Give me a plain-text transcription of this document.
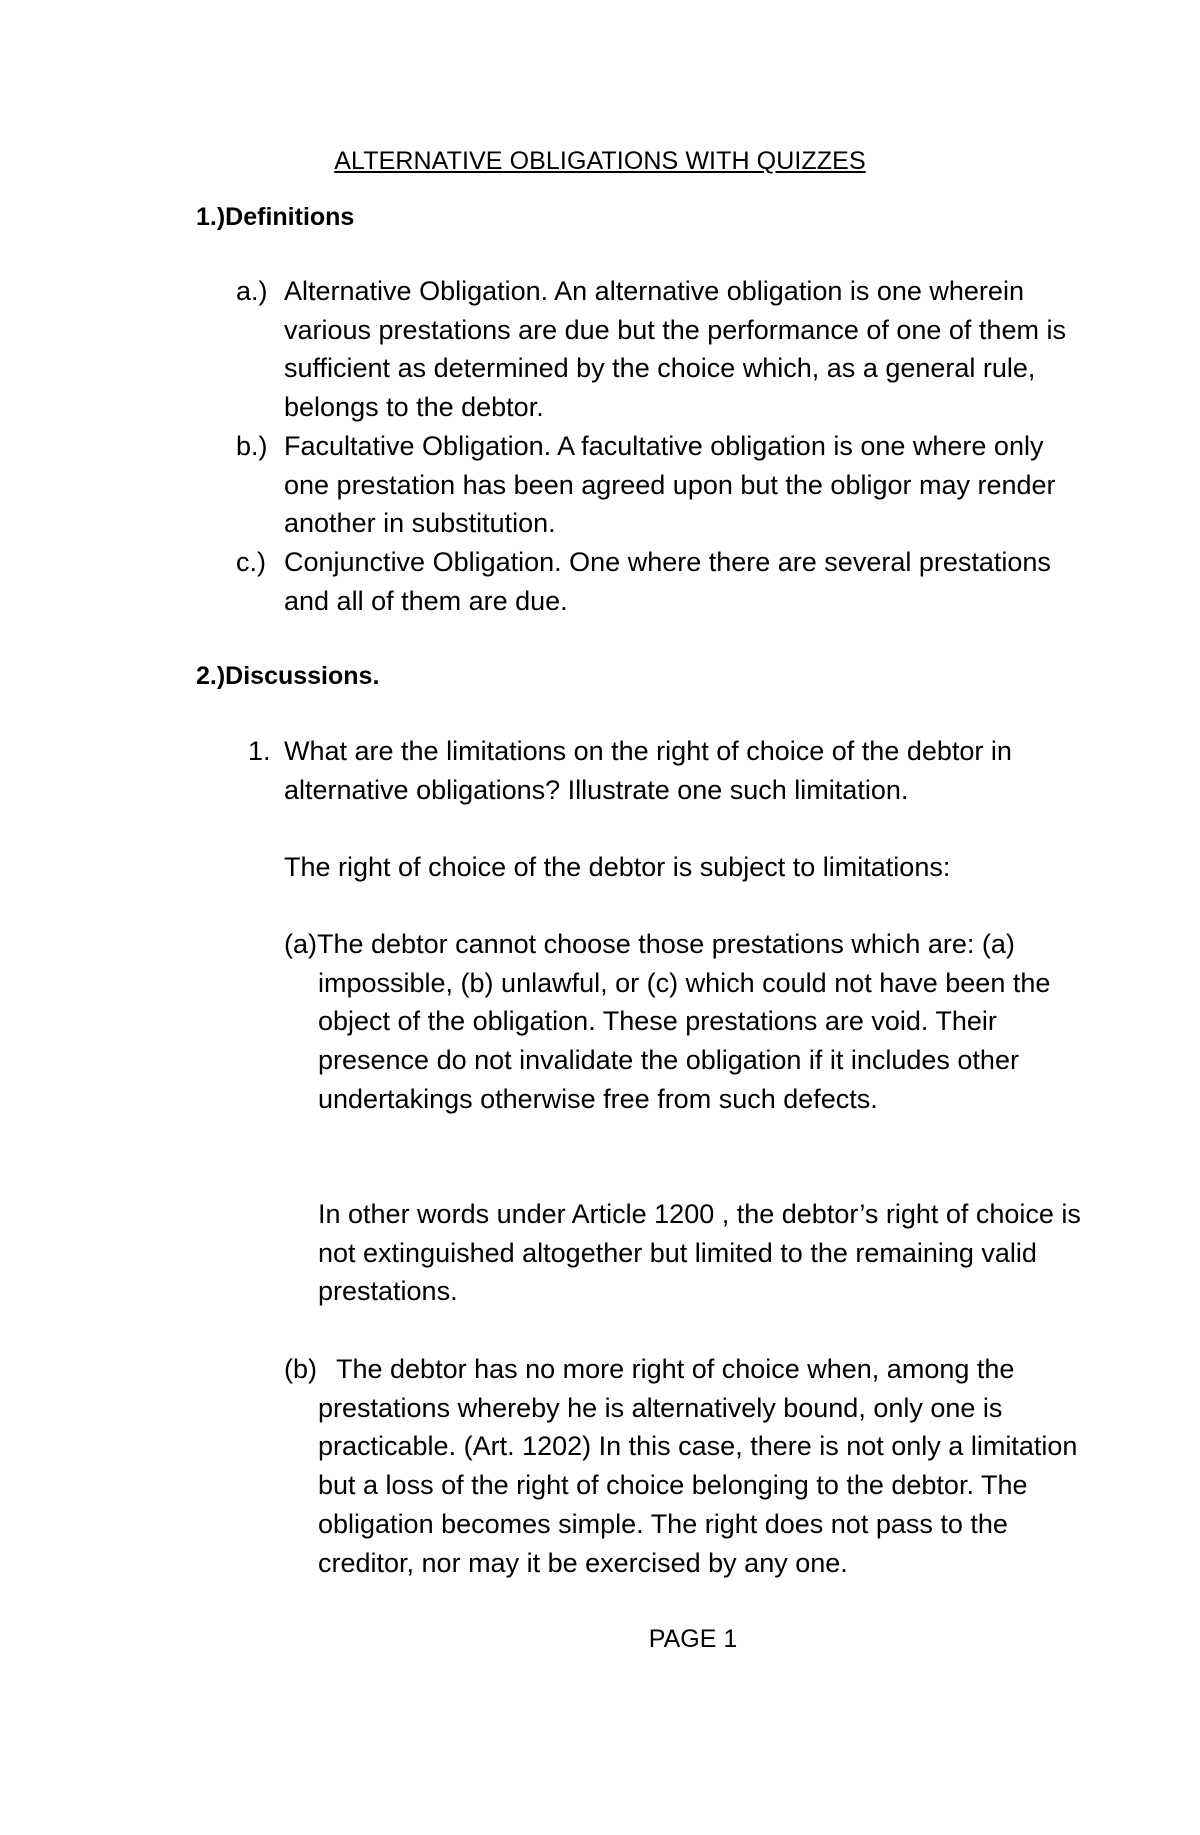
ALTERNATIVE OBLIGATIONS WITH QUIZZES
1.)Definitions
a.) Alternative Obligation. An alternative obligation is one wherein various prestations are due but the performance of one of them is sufficient as determined by the choice which, as a general rule, belongs to the debtor.
b.) Facultative Obligation. A facultative obligation is one where only one prestation has been agreed upon but the obligor may render another in substitution.
c.) Conjunctive Obligation. One where there are several prestations and all of them are due.
2.)Discussions.
1. What are the limitations on the right of choice of the debtor in alternative obligations? Illustrate one such limitation.
The right of choice of the debtor is subject to limitations:
(a)The debtor cannot choose those prestations which are: (a) impossible, (b) unlawful, or (c) which could not have been the object of the obligation. These prestations are void. Their presence do not invalidate the obligation if it includes other undertakings otherwise free from such defects.
In other words under Article 1200 , the debtor’s right of choice is not extinguished altogether but limited to the remaining valid prestations.
(b) The debtor has no more right of choice when, among the prestations whereby he is alternatively bound, only one is practicable. (Art. 1202) In this case, there is not only a limitation but a loss of the right of choice belonging to the debtor. The obligation becomes simple. The right does not pass to the creditor, nor may it be exercised by any one.
PAGE 1
